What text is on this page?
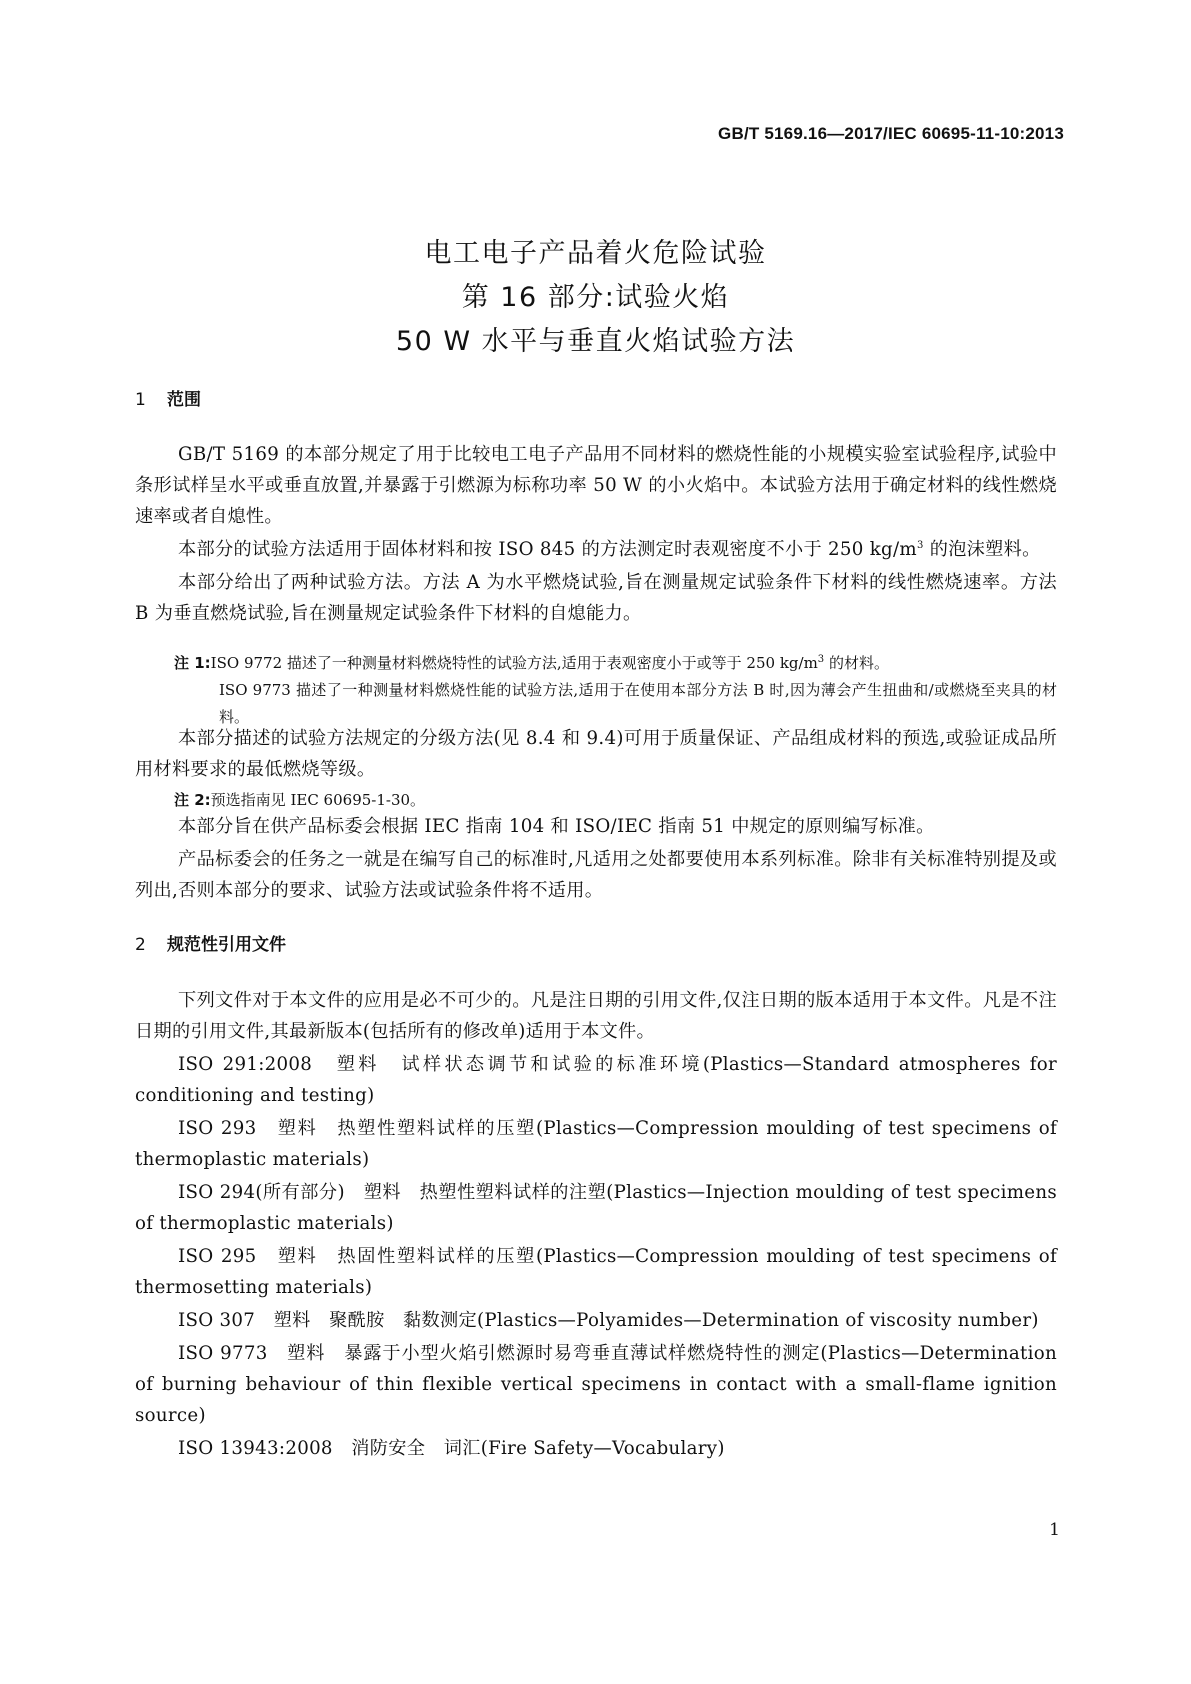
GB/T 5169.16—2017/IEC 60695-11-10:2013
电工电子产品着火危险试验
第 16 部分:试验火焰
50 W 水平与垂直火焰试验方法
1 范围

GB/T 5169 的本部分规定了用于比较电工电子产品用不同材料的燃烧性能的小规模实验室试验程序,试验中条形试样呈水平或垂直放置,并暴露于引燃源为标称功率 50 W 的小火焰中。本试验方法用于确定材料的线性燃烧速率或者自熄性。

本部分的试验方法适用于固体材料和按 ISO 845 的方法测定时表观密度不小于 250 $kg/m^3$ 的泡沫塑料。

本部分给出了两种试验方法。方法 A 为水平燃烧试验,旨在测量规定试验条件下材料的线性燃烧速率。方法 B 为垂直燃烧试验,旨在测量规定试验条件下材料的自熄能力。

注 1:ISO 9772 描述了一种测量材料燃烧特性的试验方法,适用于表观密度小于或等于 250 $kg/m^3$ 的材料。
ISO 9773 描述了一种测量材料燃烧性能的试验方法,适用于在使用本部分方法 B 时,因为薄会产生扭曲和/或燃烧至夹具的材料。

本部分描述的试验方法规定的分级方法(见 8.4 和 9.4)可用于质量保证、产品组成材料的预选,或验证成品所用材料要求的最低燃烧等级。

注 2:预选指南见 IEC 60695-1-30。

本部分旨在供产品标委会根据 IEC 指南 104 和 ISO/IEC 指南 51 中规定的原则编写标准。

产品标委会的任务之一就是在编写自己的标准时,凡适用之处都要使用本系列标准。除非有关标准特别提及或列出,否则本部分的要求、试验方法或试验条件将不适用。

2 规范性引用文件

下列文件对于本文件的应用是必不可少的。凡是注日期的引用文件,仅注日期的版本适用于本文件。凡是不注日期的引用文件,其最新版本(包括所有的修改单)适用于本文件。

ISO 291:2008　塑料　试样状态调节和试验的标准环境(Plastics—Standard atmospheres for conditioning and testing)

ISO 293　塑料　热塑性塑料试样的压塑(Plastics—Compression moulding of test specimens of thermoplastic materials)

ISO 294(所有部分)　塑料　热塑性塑料试样的注塑(Plastics—Injection moulding of test specimens of thermoplastic materials)

ISO 295　塑料　热固性塑料试样的压塑(Plastics—Compression moulding of test specimens of thermosetting materials)

ISO 307　塑料　聚酰胺　黏数测定(Plastics—Polyamides—Determination of viscosity number)

ISO 9773　塑料　暴露于小型火焰引燃源时易弯垂直薄试样燃烧特性的测定(Plastics—Determination of burning behaviour of thin flexible vertical specimens in contact with a small-flame ignition source)

ISO 13943:2008　消防安全　词汇(Fire Safety—Vocabulary)

1
